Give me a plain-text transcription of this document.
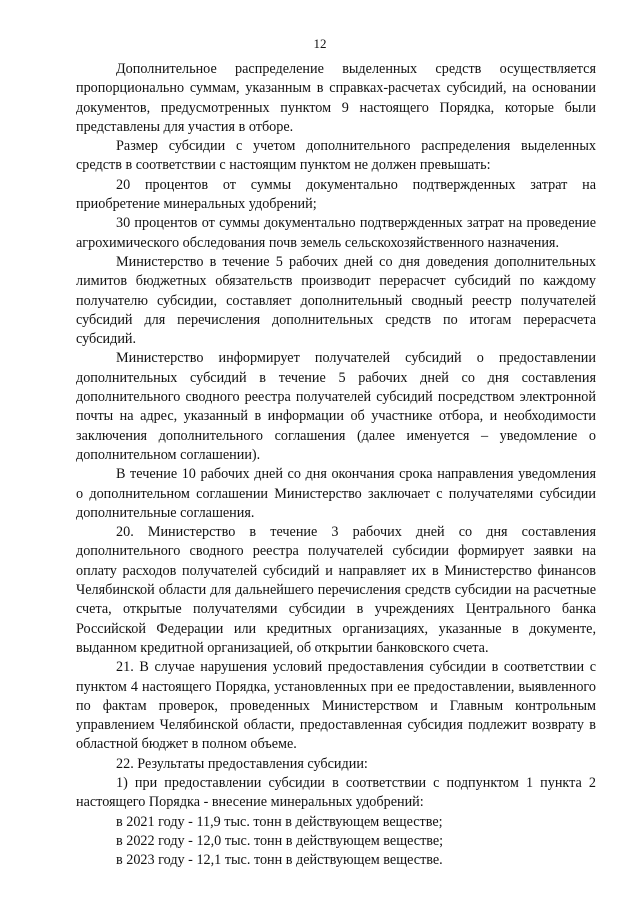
12

Дополнительное распределение выделенных средств осуществляется пропорционально суммам, указанным в справках-расчетах субсидий, на основании документов, предусмотренных пунктом 9 настоящего Порядка, которые были представлены для участия в отборе.

Размер субсидии с учетом дополнительного распределения выделенных средств в соответствии с настоящим пунктом не должен превышать:

20 процентов от суммы документально подтвержденных затрат на приобретение минеральных удобрений;

30 процентов от суммы документально подтвержденных затрат на проведение агрохимического обследования почв земель сельскохозяйственного назначения.

Министерство в течение 5 рабочих дней со дня доведения дополнительных лимитов бюджетных обязательств производит перерасчет субсидий по каждому получателю субсидии, составляет дополнительный сводный реестр получателей субсидий для перечисления дополнительных средств по итогам перерасчета субсидий.

Министерство информирует получателей субсидий о предоставлении дополнительных субсидий в течение 5 рабочих дней со дня составления дополнительного сводного реестра получателей субсидий посредством электронной почты на адрес, указанный в информации об участнике отбора, и необходимости заключения дополнительного соглашения (далее именуется – уведомление о дополнительном соглашении).

В течение 10 рабочих дней со дня окончания срока направления уведомления о дополнительном соглашении Министерство заключает с получателями субсидии дополнительные соглашения.

20. Министерство в течение 3 рабочих дней со дня составления дополнительного сводного реестра получателей субсидии формирует заявки на оплату расходов получателей субсидий и направляет их в Министерство финансов Челябинской области для дальнейшего перечисления средств субсидии на расчетные счета, открытые получателями субсидии в учреждениях Центрального банка Российской Федерации или кредитных организациях, указанные в документе, выданном кредитной организацией, об открытии банковского счета.

21. В случае нарушения условий предоставления субсидии в соответствии с пунктом 4 настоящего Порядка, установленных при ее предоставлении, выявленного по фактам проверок, проведенных Министерством и Главным контрольным управлением Челябинской области, предоставленная субсидия подлежит возврату в областной бюджет в полном объеме.

22. Результаты предоставления субсидии:

1) при предоставлении субсидии в соответствии с подпунктом 1 пункта 2 настоящего Порядка - внесение минеральных удобрений:

в 2021 году - 11,9 тыс. тонн в действующем веществе;

в 2022 году - 12,0 тыс. тонн в действующем веществе;

в 2023 году - 12,1 тыс. тонн в действующем веществе.
